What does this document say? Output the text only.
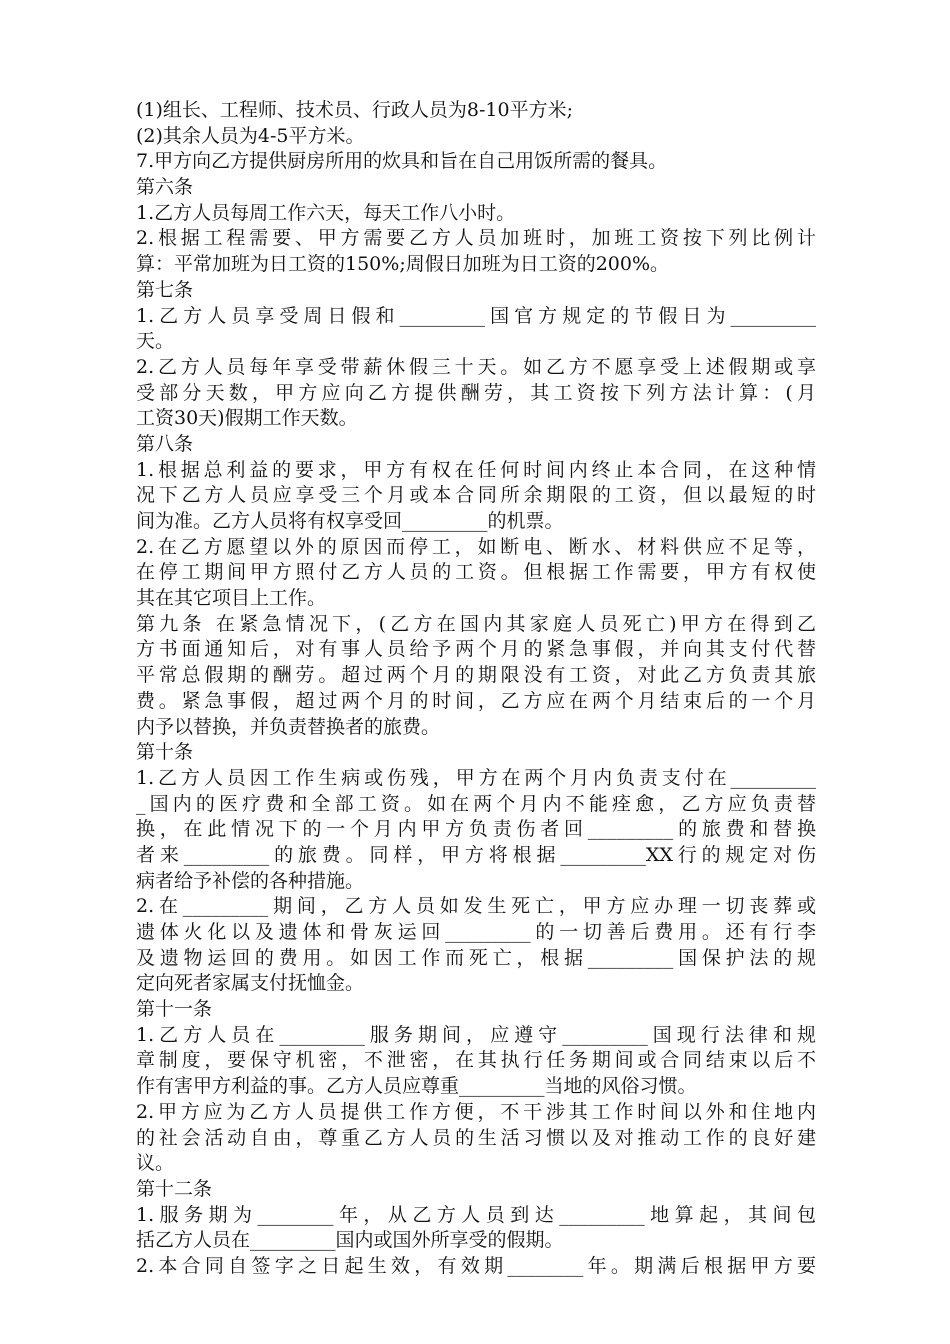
(1)组长、工程师、技术员、行政人员为8-10平方米;
(2)其余人员为4-5平方米。
7.甲方向乙方提供厨房所用的炊具和旨在自己用饭所需的餐具。
第六条
1.乙方人员每周工作六天，每天工作八小时。
2.根据工程需要、甲方需要乙方人员加班时，加班工资按下列比例计
算：平常加班为日工资的150%;周假日加班为日工资的200%。
第七条
1.乙方人员享受周日假和_________国官方规定的节假日为_________
天。
2.乙方人员每年享受带薪休假三十天。如乙方不愿享受上述假期或享
受部分天数，甲方应向乙方提供酬劳，其工资按下列方法计算：(月
工资30天)假期工作天数。
第八条
1.根据总利益的要求，甲方有权在任何时间内终止本合同，在这种情
况下乙方人员应享受三个月或本合同所余期限的工资，但以最短的时
间为准。乙方人员将有权享受回_________的机票。
2.在乙方愿望以外的原因而停工，如断电、断水、材料供应不足等，
在停工期间甲方照付乙方人员的工资。但根据工作需要，甲方有权使
其在其它项目上工作。
第九条 在紧急情况下，(乙方在国内其家庭人员死亡)甲方在得到乙
方书面通知后，对有事人员给予两个月的紧急事假，并向其支付代替
平常总假期的酬劳。超过两个月的期限没有工资，对此乙方负责其旅
费。紧急事假，超过两个月的时间，乙方应在两个月结束后的一个月
内予以替换，并负责替换者的旅费。
第十条
1.乙方人员因工作生病或伤残，甲方在两个月内负责支付在_________
_国内的医疗费和全部工资。如在两个月内不能痊愈，乙方应负责替
换，在此情况下的一个月内甲方负责伤者回_________的旅费和替换
者来_________的旅费。同样，甲方将根据_________XX行的规定对伤
病者给予补偿的各种措施。
2.在_________期间，乙方人员如发生死亡，甲方应办理一切丧葬或
遗体火化以及遗体和骨灰运回_________的一切善后费用。还有行李
及遗物运回的费用。如因工作而死亡，根据_________国保护法的规
定向死者家属支付抚恤金。
第十一条
1.乙方人员在_________服务期间，应遵守_________国现行法律和规
章制度，要保守机密，不泄密，在其执行任务期间或合同结束以后不
作有害甲方利益的事。乙方人员应尊重_________当地的风俗习惯。
2.甲方应为乙方人员提供工作方便，不干涉其工作时间以外和住地内
的社会活动自由，尊重乙方人员的生活习惯以及对推动工作的良好建
议。
第十二条
1.服务期为________年，从乙方人员到达_________地算起，其间包
括乙方人员在_________国内或国外所享受的假期。
2.本合同自签字之日起生效，有效期________年。期满后根据甲方要
